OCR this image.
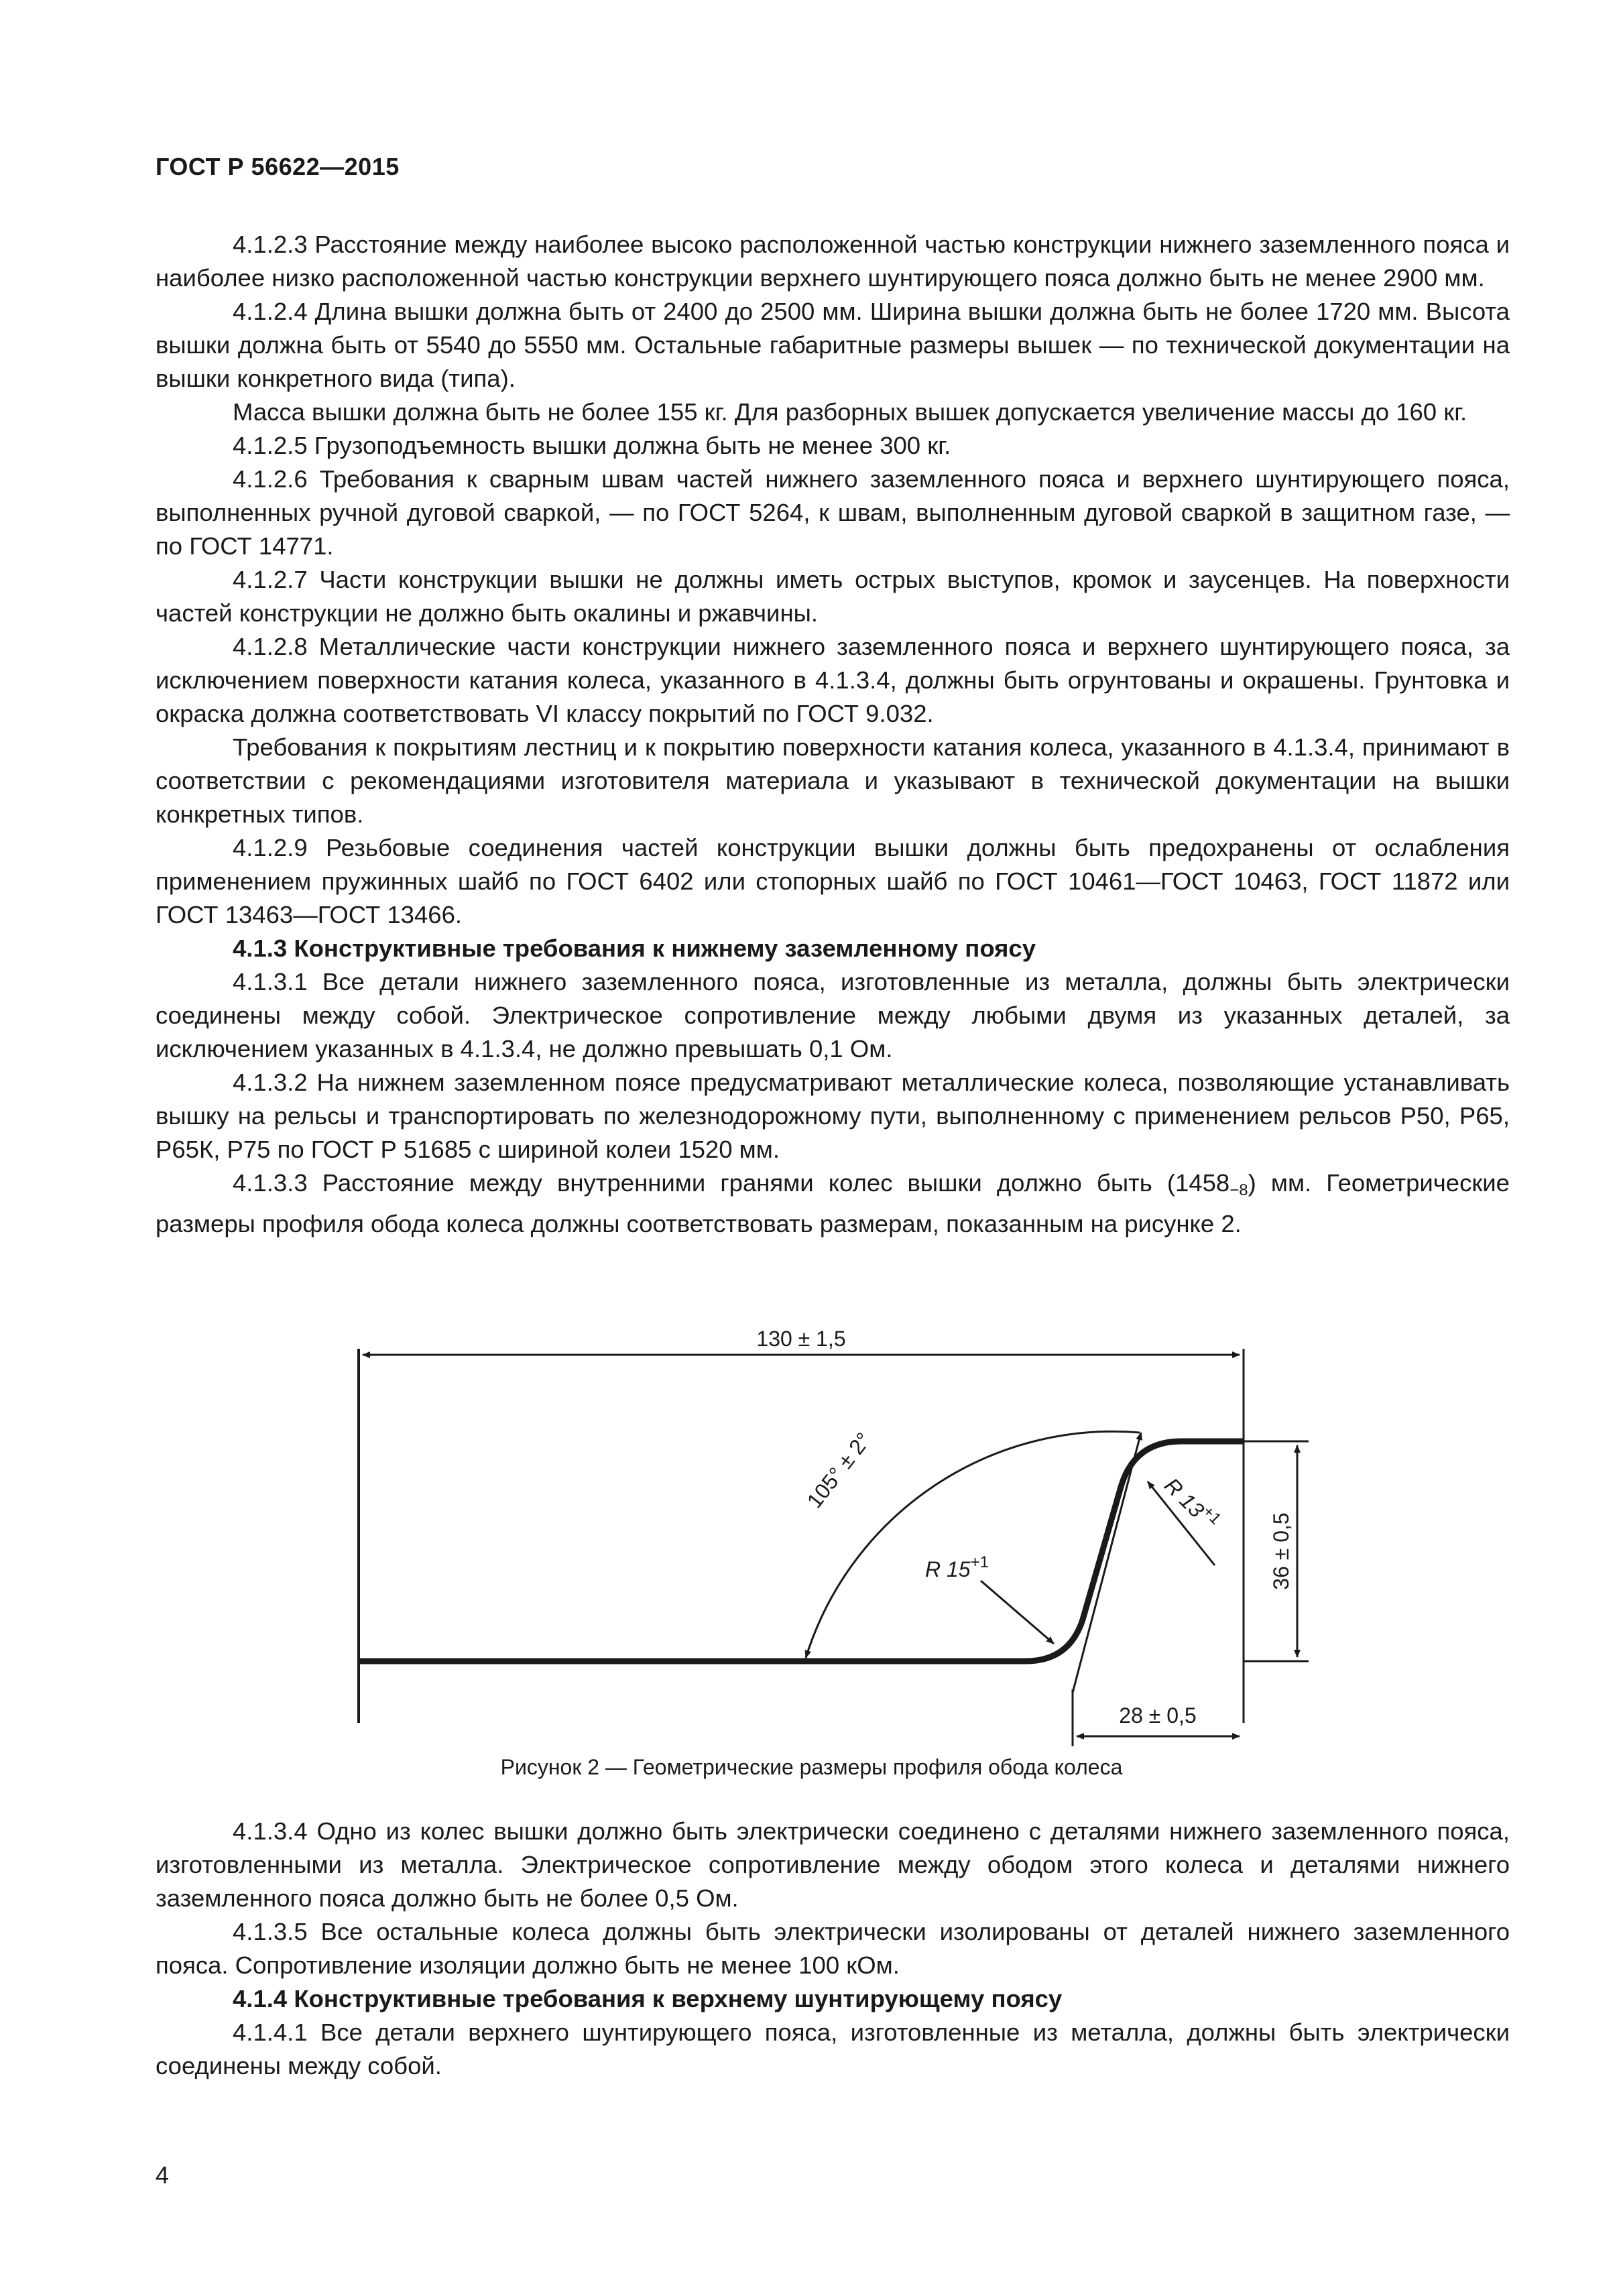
ГОСТ Р 56622—2015

4.1.2.3 Расстояние между наиболее высоко расположенной частью конструкции нижнего заземленного пояса и наиболее низко расположенной частью конструкции верхнего шунтирующего пояса должно быть не менее 2900 мм.

4.1.2.4 Длина вышки должна быть от 2400 до 2500 мм. Ширина вышки должна быть не более 1720 мм. Высота вышки должна быть от 5540 до 5550 мм. Остальные габаритные размеры вышек — по технической документации на вышки конкретного вида (типа).

Масса вышки должна быть не более 155 кг. Для разборных вышек допускается увеличение массы до 160 кг.

4.1.2.5 Грузоподъемность вышки должна быть не менее 300 кг.

4.1.2.6 Требования к сварным швам частей нижнего заземленного пояса и верхнего шунтирующего пояса, выполненных ручной дуговой сваркой, — по ГОСТ 5264, к швам, выполненным дуговой сваркой в защитном газе, — по ГОСТ 14771.

4.1.2.7 Части конструкции вышки не должны иметь острых выступов, кромок и заусенцев. На поверхности частей конструкции не должно быть окалины и ржавчины.

4.1.2.8 Металлические части конструкции нижнего заземленного пояса и верхнего шунтирующего пояса, за исключением поверхности катания колеса, указанного в 4.1.3.4, должны быть огрунтованы и окрашены. Грунтовка и окраска должна соответствовать VI классу покрытий по ГОСТ 9.032.

Требования к покрытиям лестниц и к покрытию поверхности катания колеса, указанного в 4.1.3.4, принимают в соответствии с рекомендациями изготовителя материала и указывают в технической документации на вышки конкретных типов.

4.1.2.9 Резьбовые соединения частей конструкции вышки должны быть предохранены от ослабления применением пружинных шайб по ГОСТ 6402 или стопорных шайб по ГОСТ 10461—ГОСТ 10463, ГОСТ 11872 или ГОСТ 13463—ГОСТ 13466.

4.1.3 Конструктивные требования к нижнему заземленному поясу

4.1.3.1 Все детали нижнего заземленного пояса, изготовленные из металла, должны быть электрически соединены между собой. Электрическое сопротивление между любыми двумя из указанных деталей, за исключением указанных в 4.1.3.4, не должно превышать 0,1 Ом.

4.1.3.2 На нижнем заземленном поясе предусматривают металлические колеса, позволяющие устанавливать вышку на рельсы и транспортировать по железнодорожному пути, выполненному с применением рельсов Р50, Р65, Р65К, Р75 по ГОСТ Р 51685 с шириной колеи 1520 мм.

4.1.3.3 Расстояние между внутренними гранями колес вышки должно быть $(1458_{-8})$ мм. Геометрические размеры профиля обода колеса должны соответствовать размерам, показанным на рисунке 2.

130 ± 1,5
105° ± 2°
R $15^{+1}$
R $13^{+1}$ 36 ± 0,5
28 ± 0,5
Рисунок 2 — Геометрические размеры профиля обода колеса

4.1.3.4 Одно из колес вышки должно быть электрически соединено с деталями нижнего заземленного пояса, изготовленными из металла. Электрическое сопротивление между ободом этого колеса и деталями нижнего заземленного пояса должно быть не более 0,5 Ом.

4.1.3.5 Все остальные колеса должны быть электрически изолированы от деталей нижнего заземленного пояса. Сопротивление изоляции должно быть не менее 100 кОм.

4.1.4 Конструктивные требования к верхнему шунтирующему поясу

4.1.4.1 Все детали верхнего шунтирующего пояса, изготовленные из металла, должны быть электрически соединены между собой.

4
